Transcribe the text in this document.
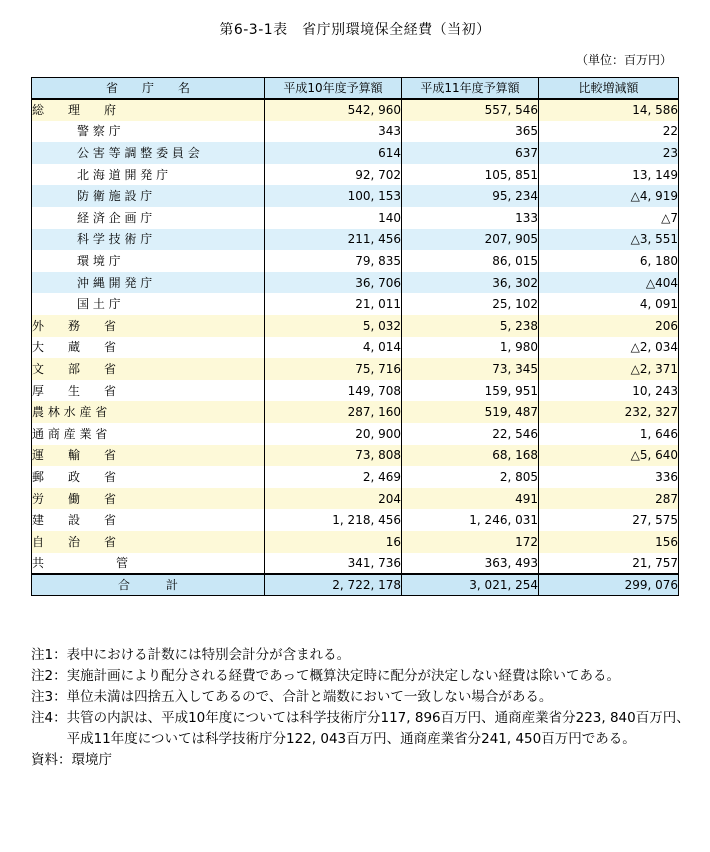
第6-3-1表　省庁別環境保全経費（当初）
（単位：百万円）
省　　庁　　名	平成10年度予算額	平成11年度予算額	比較増減額
総　　理　　府	542, 960	557, 546	14, 586
警 察 庁	343	365	22
公 害 等 調 整 委 員 会	614	637	23
北 海 道 開 発 庁	92, 702	105, 851	13, 149
防 衛 施 設 庁	100, 153	95, 234	△4, 919
経 済 企 画 庁	140	133	△7
科 学 技 術 庁	211, 456	207, 905	△3, 551
環 境 庁	79, 835	86, 015	6, 180
沖 縄 開 発 庁	36, 706	36, 302	△404
国 土 庁	21, 011	25, 102	4, 091
外　　務　　省	5, 032	5, 238	206
大　　蔵　　省	4, 014	1, 980	△2, 034
文　　部　　省	75, 716	73, 345	△2, 371
厚　　生　　省	149, 708	159, 951	10, 243
農 林 水 産 省	287, 160	519, 487	232, 327
通 商 産 業 省	20, 900	22, 546	1, 646
運　　輸　　省	73, 808	68, 168	△5, 640
郵　　政　　省	2, 469	2, 805	336
労　　働　　省	204	491	287
建　　設　　省	1, 218, 456	1, 246, 031	27, 575
自　　治　　省	16	172	156
共　　　　　　管	341, 736	363, 493	21, 757
合　　　計	2, 722, 178	3, 021, 254	299, 076
注1： 表中における計数には特別会計分が含まれる。
注2： 実施計画により配分される経費であって概算決定時に配分が決定しない経費は除いてある。
注3： 単位未満は四捨五入してあるので、合計と端数において一致しない場合がある。
注4： 共管の内訳は、平成10年度については科学技術庁分117, 896百万円、通商産業省分223, 840百万円、平成11年度については科学技術庁分122, 043百万円、通商産業省分241, 450百万円である。
資料： 環境庁
